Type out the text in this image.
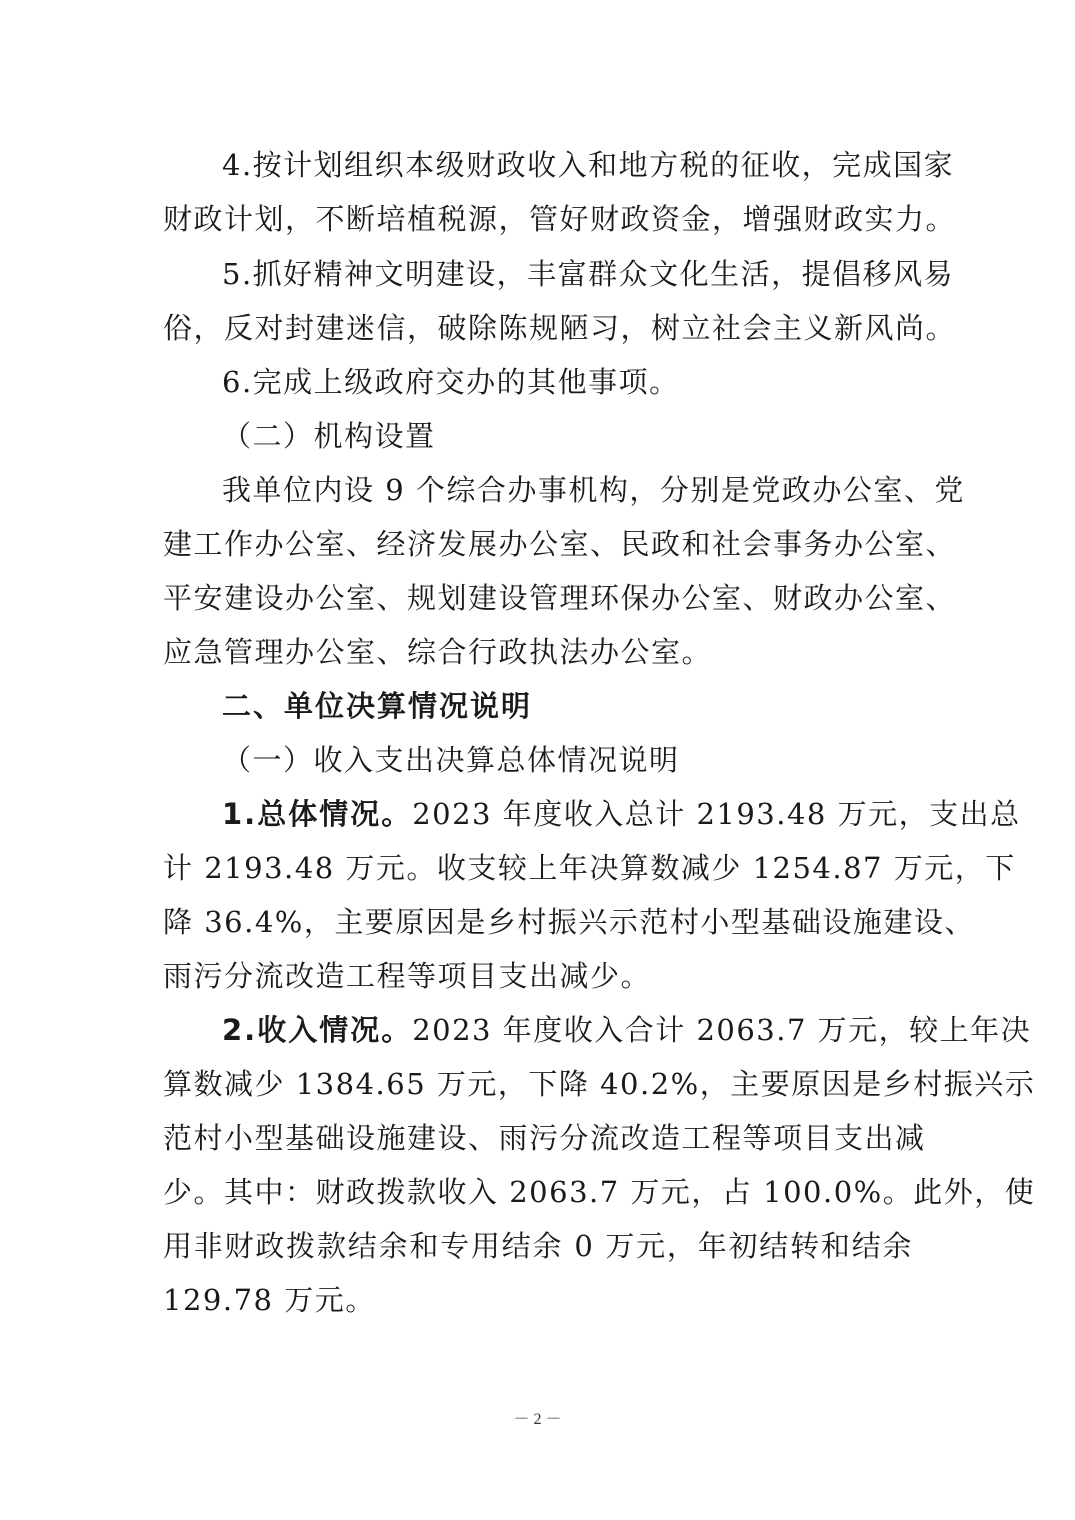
4.按计划组织本级财政收入和地方税的征收，完成国家
财政计划，不断培植税源，管好财政资金，增强财政实力。
5.抓好精神文明建设，丰富群众文化生活，提倡移风易
俗，反对封建迷信，破除陈规陋习，树立社会主义新风尚。
6.完成上级政府交办的其他事项。
（二）机构设置
我单位内设 9 个综合办事机构，分别是党政办公室、党
建工作办公室、经济发展办公室、民政和社会事务办公室、
平安建设办公室、规划建设管理环保办公室、财政办公室、
应急管理办公室、综合行政执法办公室。
二、单位决算情况说明
（一）收入支出决算总体情况说明
1.总体情况。2023 年度收入总计 2193.48 万元，支出总
计 2193.48 万元。收支较上年决算数减少 1254.87 万元，下
降 36.4%，主要原因是乡村振兴示范村小型基础设施建设、
雨污分流改造工程等项目支出减少。
2.收入情况。2023 年度收入合计 2063.7 万元，较上年决
算数减少 1384.65 万元，下降 40.2%，主要原因是乡村振兴示
范村小型基础设施建设、雨污分流改造工程等项目支出减
少。其中：财政拨款收入 2063.7 万元，占 100.0%。此外，使
用非财政拨款结余和专用结余 0 万元，年初结转和结余
129.78 万元。
－ 2 －
